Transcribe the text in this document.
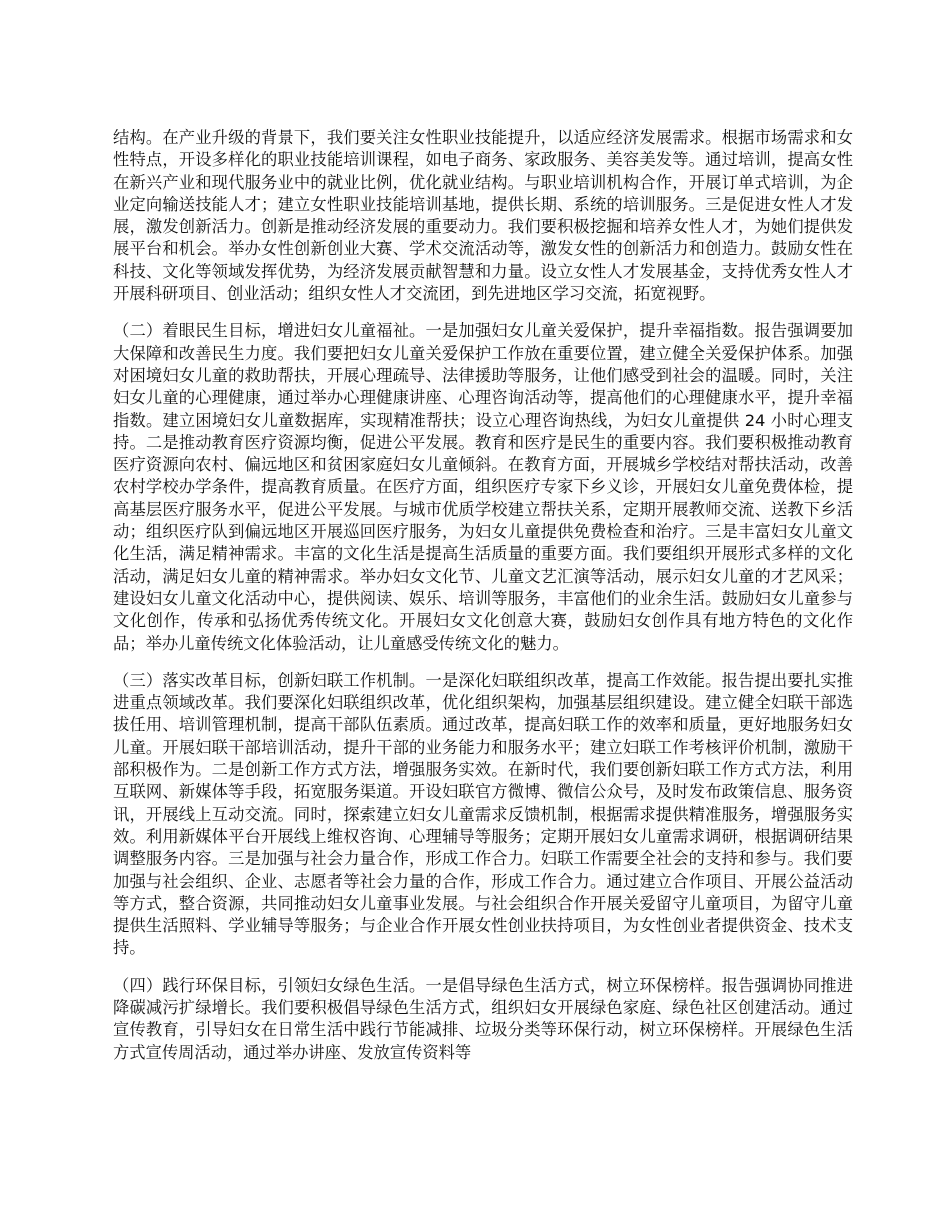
结构。在产业升级的背景下，我们要关注女性职业技能提升，以适应经济发展需求。根据市场需求和女性特点，开设多样化的职业技能培训课程，如电子商务、家政服务、美容美发等。通过培训，提高女性在新兴产业和现代服务业中的就业比例，优化就业结构。与职业培训机构合作，开展订单式培训，为企业定向输送技能人才；建立女性职业技能培训基地，提供长期、系统的培训服务。三是促进女性人才发展，激发创新活力。创新是推动经济发展的重要动力。我们要积极挖掘和培养女性人才，为她们提供发展平台和机会。举办女性创新创业大赛、学术交流活动等，激发女性的创新活力和创造力。鼓励女性在科技、文化等领域发挥优势，为经济发展贡献智慧和力量。设立女性人才发展基金，支持优秀女性人才开展科研项目、创业活动；组织女性人才交流团，到先进地区学习交流，拓宽视野。

（二）着眼民生目标，增进妇女儿童福祉。一是加强妇女儿童关爱保护，提升幸福指数。报告强调要加大保障和改善民生力度。我们要把妇女儿童关爱保护工作放在重要位置，建立健全关爱保护体系。加强对困境妇女儿童的救助帮扶，开展心理疏导、法律援助等服务，让他们感受到社会的温暖。同时，关注妇女儿童的心理健康，通过举办心理健康讲座、心理咨询活动等，提高他们的心理健康水平，提升幸福指数。建立困境妇女儿童数据库，实现精准帮扶；设立心理咨询热线，为妇女儿童提供 24 小时心理支持。二是推动教育医疗资源均衡，促进公平发展。教育和医疗是民生的重要内容。我们要积极推动教育医疗资源向农村、偏远地区和贫困家庭妇女儿童倾斜。在教育方面，开展城乡学校结对帮扶活动，改善农村学校办学条件，提高教育质量。在医疗方面，组织医疗专家下乡义诊，开展妇女儿童免费体检，提高基层医疗服务水平，促进公平发展。与城市优质学校建立帮扶关系，定期开展教师交流、送教下乡活动；组织医疗队到偏远地区开展巡回医疗服务，为妇女儿童提供免费检查和治疗。三是丰富妇女儿童文化生活，满足精神需求。丰富的文化生活是提高生活质量的重要方面。我们要组织开展形式多样的文化活动，满足妇女儿童的精神需求。举办妇女文化节、儿童文艺汇演等活动，展示妇女儿童的才艺风采；建设妇女儿童文化活动中心，提供阅读、娱乐、培训等服务，丰富他们的业余生活。鼓励妇女儿童参与文化创作，传承和弘扬优秀传统文化。开展妇女文化创意大赛，鼓励妇女创作具有地方特色的文化作品；举办儿童传统文化体验活动，让儿童感受传统文化的魅力。

（三）落实改革目标，创新妇联工作机制。一是深化妇联组织改革，提高工作效能。报告提出要扎实推进重点领域改革。我们要深化妇联组织改革，优化组织架构，加强基层组织建设。建立健全妇联干部选拔任用、培训管理机制，提高干部队伍素质。通过改革，提高妇联工作的效率和质量，更好地服务妇女儿童。开展妇联干部培训活动，提升干部的业务能力和服务水平；建立妇联工作考核评价机制，激励干部积极作为。二是创新工作方式方法，增强服务实效。在新时代，我们要创新妇联工作方式方法，利用互联网、新媒体等手段，拓宽服务渠道。开设妇联官方微博、微信公众号，及时发布政策信息、服务资讯，开展线上互动交流。同时，探索建立妇女儿童需求反馈机制，根据需求提供精准服务，增强服务实效。利用新媒体平台开展线上维权咨询、心理辅导等服务；定期开展妇女儿童需求调研，根据调研结果调整服务内容。三是加强与社会力量合作，形成工作合力。妇联工作需要全社会的支持和参与。我们要加强与社会组织、企业、志愿者等社会力量的合作，形成工作合力。通过建立合作项目、开展公益活动等方式，整合资源，共同推动妇女儿童事业发展。与社会组织合作开展关爱留守儿童项目，为留守儿童提供生活照料、学业辅导等服务；与企业合作开展女性创业扶持项目，为女性创业者提供资金、技术支持。

（四）践行环保目标，引领妇女绿色生活。一是倡导绿色生活方式，树立环保榜样。报告强调协同推进降碳减污扩绿增长。我们要积极倡导绿色生活方式，组织妇女开展绿色家庭、绿色社区创建活动。通过宣传教育，引导妇女在日常生活中践行节能减排、垃圾分类等环保行动，树立环保榜样。开展绿色生活方式宣传周活动，通过举办讲座、发放宣传资料等
